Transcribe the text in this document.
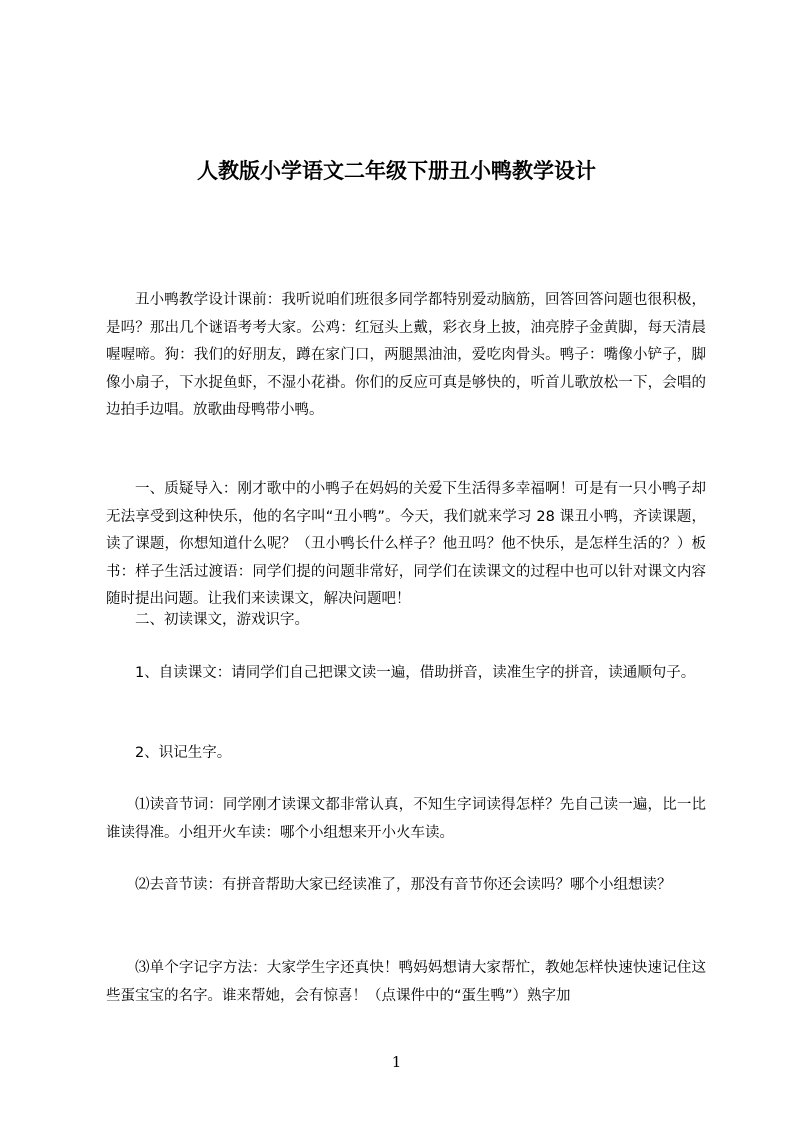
人教版小学语文二年级下册丑小鸭教学设计

丑小鸭教学设计课前：我听说咱们班很多同学都特别爱动脑筋，回答回答问题也很积极，是吗？那出几个谜语考考大家。公鸡：红冠头上戴，彩衣身上披，油亮脖子金黄脚，每天清晨喔喔啼。狗：我们的好朋友，蹲在家门口，两腿黑油油，爱吃肉骨头。鸭子：嘴像小铲子，脚像小扇子，下水捉鱼虾，不湿小花褂。你们的反应可真是够快的，听首儿歌放松一下，会唱的边拍手边唱。放歌曲母鸭带小鸭。

一、质疑导入：刚才歌中的小鸭子在妈妈的关爱下生活得多幸福啊！可是有一只小鸭子却无法享受到这种快乐，他的名字叫“丑小鸭”。今天，我们就来学习 28 课丑小鸭，齐读课题，读了课题，你想知道什么呢？（丑小鸭长什么样子？他丑吗？他不快乐，是怎样生活的？）板书：样子生活过渡语：同学们提的问题非常好，同学们在读课文的过程中也可以针对课文内容随时提出问题。让我们来读课文，解决问题吧！

二、初读课文，游戏识字。

1、自读课文：请同学们自己把课文读一遍，借助拼音，读准生字的拼音，读通顺句子。

2、识记生字。

⑴读音节词：同学刚才读课文都非常认真，不知生字词读得怎样？先自己读一遍，比一比谁读得准。小组开火车读：哪个小组想来开小火车读。

⑵去音节读：有拼音帮助大家已经读准了，那没有音节你还会读吗？哪个小组想读？

⑶单个字记字方法：大家学生字还真快！鸭妈妈想请大家帮忙，教她怎样快速快速记住这些蛋宝宝的名字。谁来帮她，会有惊喜！（点课件中的“蛋生鸭”）熟字加

1
